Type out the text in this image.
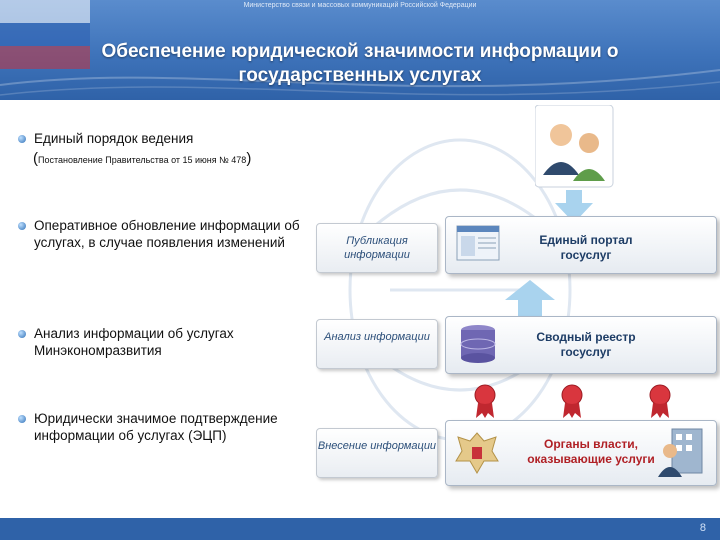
Министерство связи и массовых коммуникаций Российской Федерации
Обеспечение юридической значимости информации о государственных услугах
Единый порядок ведения
(Постановление Правительства от 15 июня № 478)
Оперативное обновление информации об услугах, в случае появления изменений
Анализ информации об услугах Минэкономразвития
Юридически значимое подтверждение информации об услугах (ЭЦП)
Публикация информации
Анализ информации
Внесение информации
Единый портал госуслуг
Сводный реестр госуслуг
Органы власти, оказывающие услуги
8
